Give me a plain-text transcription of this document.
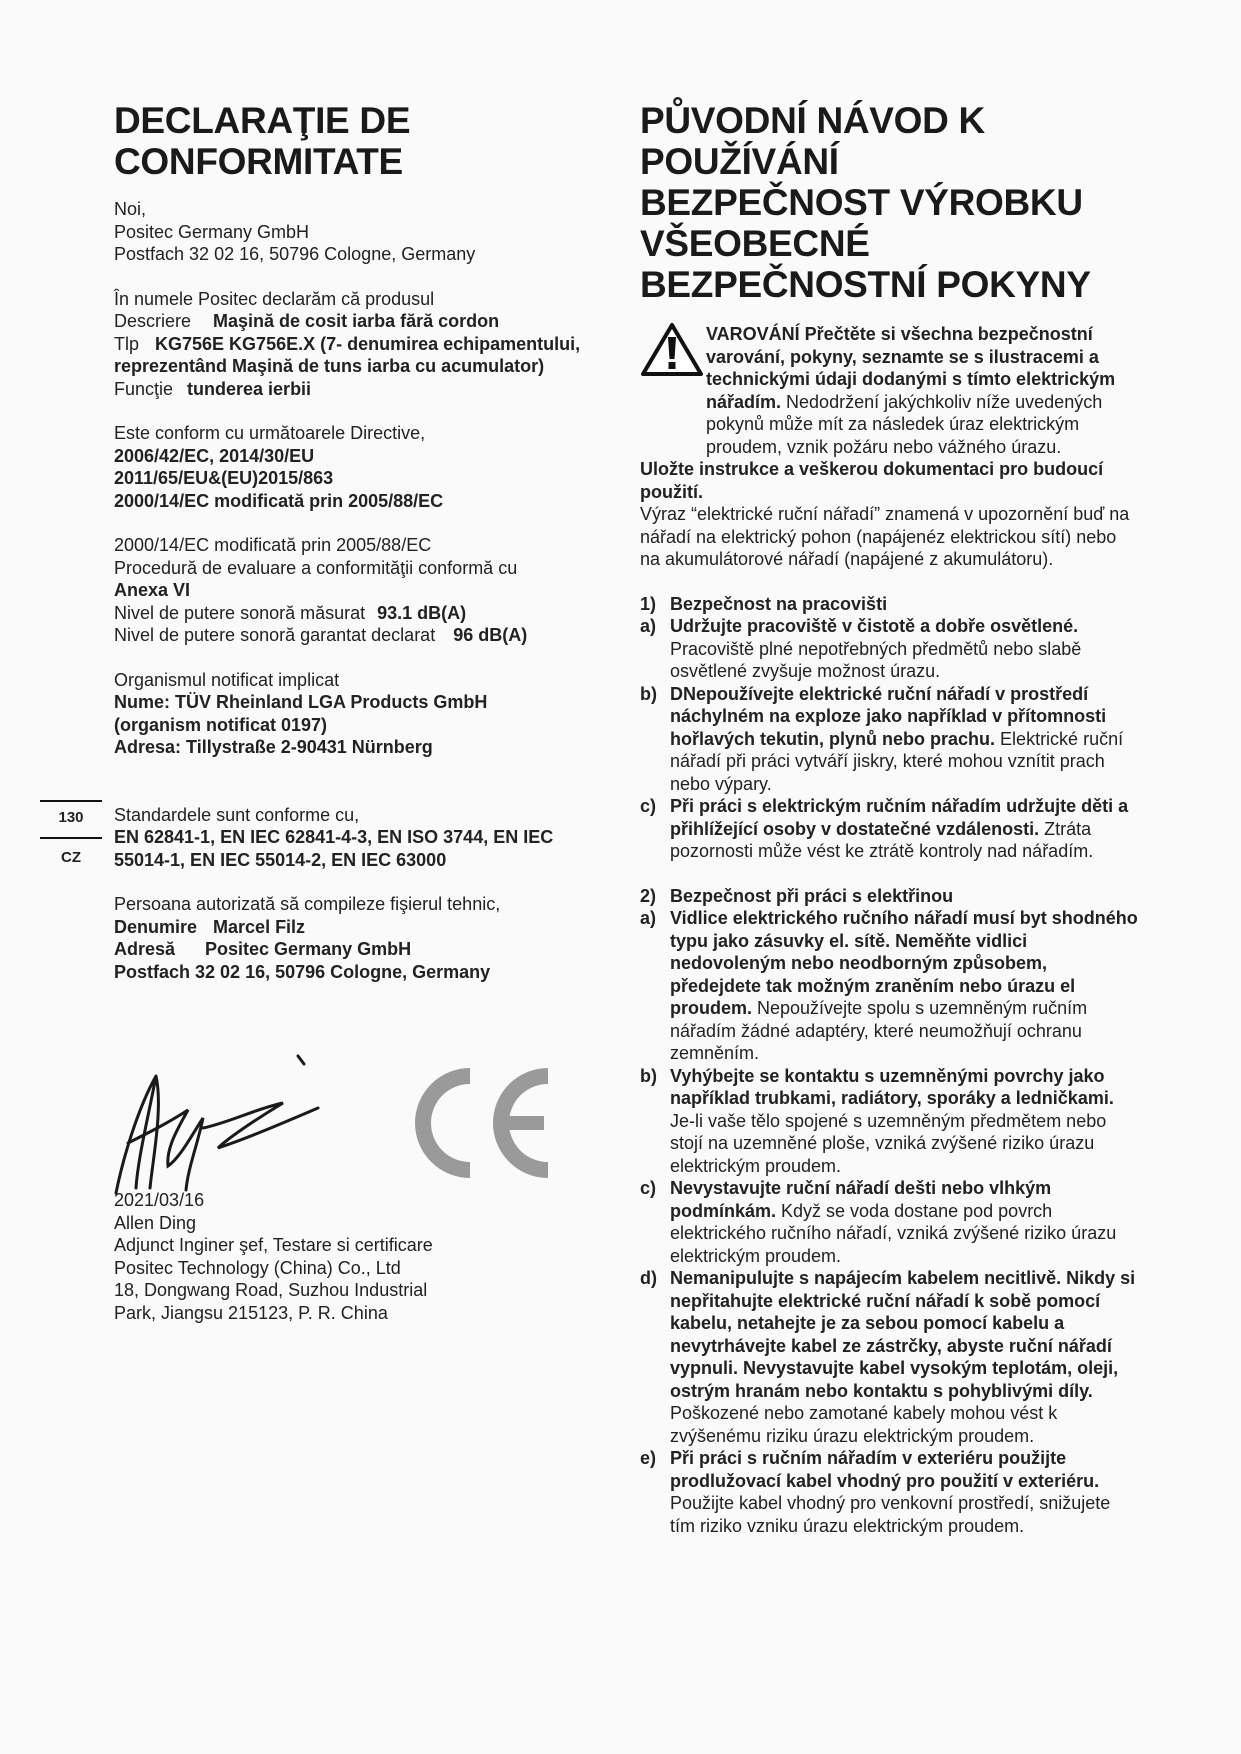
130
CZ
DECLARAŢIE DE
CONFORMITATE

Noi,

Positec Germany GmbH

Postfach 32 02 16, 50796 Cologne, Germany

În numele Positec declarăm că produsul

Descriere Maşină de cosit iarba fără cordon

Tlp KG756E KG756E.X (7- denumirea echipamentului, reprezentând Maşină de tuns iarba cu acumulator)

Funcţie tunderea ierbii

Este conform cu următoarele Directive,

2006/42/EC, 2014/30/EU

2011/65/EU&(EU)2015/863

2000/14/EC modificată prin 2005/88/EC

2000/14/EC modificată prin 2005/88/EC

Procedură de evaluare a conformităţii conformă cu

Anexa VI

Nivel de putere sonoră măsurat 93.1 dB(A)

Nivel de putere sonoră garantat declarat 96 dB(A)

Organismul notificat implicat

Nume: TÜV Rheinland LGA Products GmbH

(organism notificat 0197)

Adresa: Tillystraße 2-90431 Nürnberg

Standardele sunt conforme cu,

EN 62841-1, EN IEC 62841-4-3, EN ISO 3744, EN IEC 55014-1, EN IEC 55014-2, EN IEC 63000

Persoana autorizată să compileze fişierul tehnic,

Denumire Marcel Filz

Adresă Positec Germany GmbH

Postfach 32 02 16, 50796 Cologne, Germany

2021/03/16

Allen Ding

Adjunct Inginer şef, Testare si certificare

Positec Technology (China) Co., Ltd

18, Dongwang Road, Suzhou Industrial

Park, Jiangsu 215123, P. R. China

PŮVODNÍ NÁVOD K
POUŽÍVÁNÍ
BEZPEČNOST VÝROBKU
VŠEOBECNÉ
BEZPEČNOSTNÍ POKYNY

VAROVÁNÍ Přečtěte si všechna bezpečnostní varování, pokyny, seznamte se s ilustracemi a technickými údaji dodanými s tímto elektrickým nářadím. Nedodržení jakýchkoliv níže uvedených pokynů může mít za následek úraz elektrickým proudem, vznik požáru nebo vážného úrazu.

Uložte instrukce a veškerou dokumentaci pro budoucí použití.

Výraz “elektrické ruční nářadí” znamená v upozornění buď na nářadí na elektrický pohon (napájenéz elektrickou sítí) nebo na akumulátorové nářadí (napájené z akumulátoru).

1) Bezpečnost na pracovišti
a) Udržujte pracoviště v čistotě a dobře osvětlené. Pracoviště plné nepotřebných předmětů nebo slabě osvětlené zvyšuje možnost úrazu.
b) DNepoužívejte elektrické ruční nářadí v prostředí náchylném na exploze jako například v přítomnosti hořlavých tekutin, plynů nebo prachu. Elektrické ruční nářadí při práci vytváří jiskry, které mohou vznítit prach nebo výpary.
c) Při práci s elektrickým ručním nářadím udržujte děti a přihlížející osoby v dostatečné vzdálenosti. Ztráta pozornosti může vést ke ztrátě kontroly nad nářadím.
2) Bezpečnost při práci s elektřinou
a) Vidlice elektrického ručního nářadí musí byt shodného typu jako zásuvky el. sítě. Neměňte vidlici nedovoleným nebo neodborným způsobem, předejdete tak možným zraněním nebo úrazu el proudem. Nepoužívejte spolu s uzemněným ručním nářadím žádné adaptéry, které neumožňují ochranu zemněním.
b) Vyhýbejte se kontaktu s uzemněnými povrchy jako například trubkami, radiátory, sporáky a ledničkami. Je-li vaše tělo spojené s uzemněným předmětem nebo stojí na uzemněné ploše, vzniká zvýšené riziko úrazu elektrickým proudem.
c) Nevystavujte ruční nářadí dešti nebo vlhkým podmínkám. Když se voda dostane pod povrch elektrického ručního nářadí, vzniká zvýšené riziko úrazu elektrickým proudem.
d) Nemanipulujte s napájecím kabelem necitlivě. Nikdy si nepřitahujte elektrické ruční nářadí k sobě pomocí kabelu, netahejte je za sebou pomocí kabelu a nevytrhávejte kabel ze zástrčky, abyste ruční nářadí vypnuli. Nevystavujte kabel vysokým teplotám, oleji, ostrým hranám nebo kontaktu s pohyblivými díly. Poškozené nebo zamotané kabely mohou vést k zvýšenému riziku úrazu elektrickým proudem.
e) Při práci s ručním nářadím v exteriéru použijte prodlužovací kabel vhodný pro použití v exteriéru. Použijte kabel vhodný pro venkovní prostředí, snižujete tím riziko vzniku úrazu elektrickým proudem.
